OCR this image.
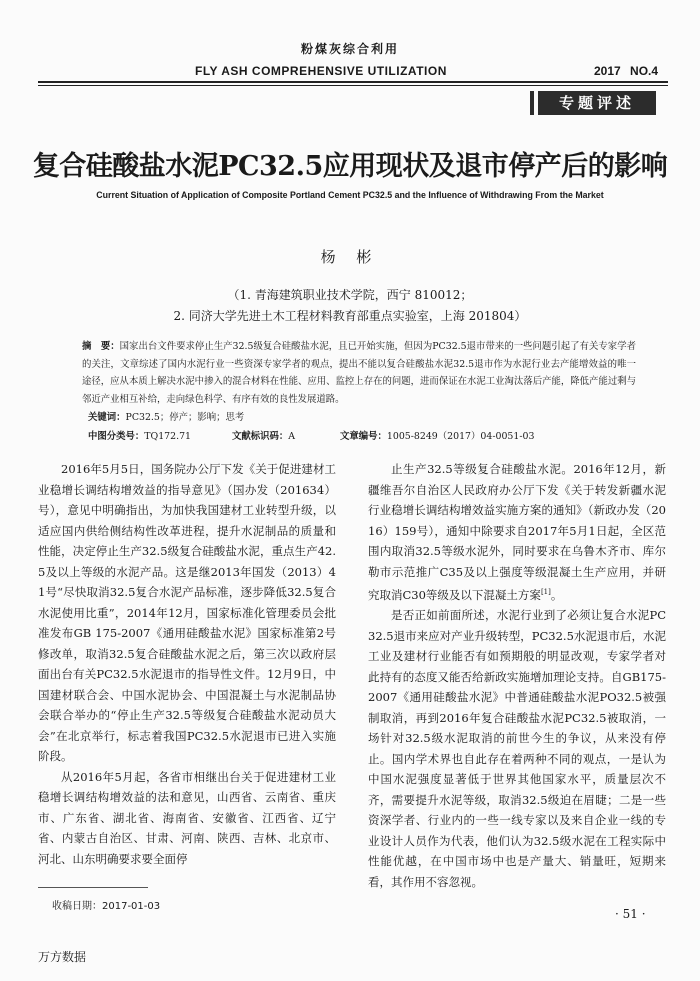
粉煤灰综合利用
FLY ASH COMPREHENSIVE UTILIZATION	2017 NO.4
专题评述
复合硅酸盐水泥PC32.5应用现状及退市停产后的影响
Current Situation of Application of Composite Portland Cement PC32.5 and the Influence of Withdrawing From the Market
杨 彬
（1. 青海建筑职业技术学院，西宁 810012；
2. 同济大学先进土木工程材料教育部重点实验室，上海 201804）
摘　要：国家出台文件要求停止生产32.5级复合硅酸盐水泥，且已开始实施，但因为PC32.5退市带来的一些问题引起了有关专家学者的关注，文章综述了国内水泥行业一些资深专家学者的观点，提出不能以复合硅酸盐水泥32.5退市作为水泥行业去产能增效益的唯一途径，应从本质上解决水泥中掺入的混合材料在性能、应用、监控上存在的问题，进而保证在水泥工业淘汰落后产能，降低产能过剩与邻近产业相互补给，走向绿色科学、有序有效的良性发展道路。
关键词：PC32.5；停产；影响；思考
中图分类号：TQ172.71	文献标识码：A	文章编号：1005-8249（2017）04-0051-03

2016年5月5日，国务院办公厅下发《关于促进建材工业稳增长调结构增效益的指导意见》（国办发（201634）号），意见中明确指出，为加快我国建材工业转型升级，以适应国内供给侧结构性改革进程，提升水泥制品的质量和性能，决定停止生产32.5级复合硅酸盐水泥，重点生产42.5及以上等级的水泥产品。这是继2013年国发（2013）41号“尽快取消32.5复合水泥产品标准，逐步降低32.5复合水泥使用比重”，2014年12月，国家标准化管理委员会批准发布GB 175-2007《通用硅酸盐水泥》国家标准第2号修改单，取消32.5复合硅酸盐水泥之后，第三次以政府层面出台有关PC32.5水泥退市的指导性文件。12月9日，中国建材联合会、中国水泥协会、中国混凝土与水泥制品协会联合举办的“停止生产32.5等级复合硅酸盐水泥动员大会”在北京举行，标志着我国PC32.5水泥退市已进入实施阶段。

从2016年5月起，各省市相继出台关于促进建材工业稳增长调结构增效益的法和意见，山西省、云南省、重庆市、广东省、湖北省、海南省、安徽省、江西省、辽宁省、内蒙古自治区、甘肃、河南、陕西、吉林、北京市、河北、山东明确要求要全面停

止生产32.5等级复合硅酸盐水泥。2016年12月，新疆维吾尔自治区人民政府办公厅下发《关于转发新疆水泥行业稳增长调结构增效益实施方案的通知》（新政办发（2016）159号），通知中除要求自2017年5月1日起，全区范围内取消32.5等级水泥外，同时要求在乌鲁木齐市、库尔勒市示范推广C35及以上强度等级混凝土生产应用，并研究取消C30等级及以下混凝土方案[1]。

是否正如前面所述，水泥行业到了必须让复合水泥PC32.5退市来应对产业升级转型，PC32.5水泥退市后，水泥工业及建材行业能否有如预期般的明显改观，专家学者对此持有的态度又能否给新政实施增加理论支持。自GB175-2007《通用硅酸盐水泥》中普通硅酸盐水泥PO32.5被强制取消，再到2016年复合硅酸盐水泥PC32.5被取消，一场针对32.5级水泥取消的前世今生的争议，从来没有停止。国内学术界也自此存在着两种不同的观点，一是认为中国水泥强度显著低于世界其他国家水平，质量层次不齐，需要提升水泥等级，取消32.5级迫在眉睫；二是一些资深学者、行业内的一些一线专家以及来自企业一线的专业设计人员作为代表，他们认为32.5级水泥在工程实际中性能优越，在中国市场中也是产量大、销量旺，短期来看，其作用不容忽视。

收稿日期：2017-01-03
· 51 ·
万方数据
